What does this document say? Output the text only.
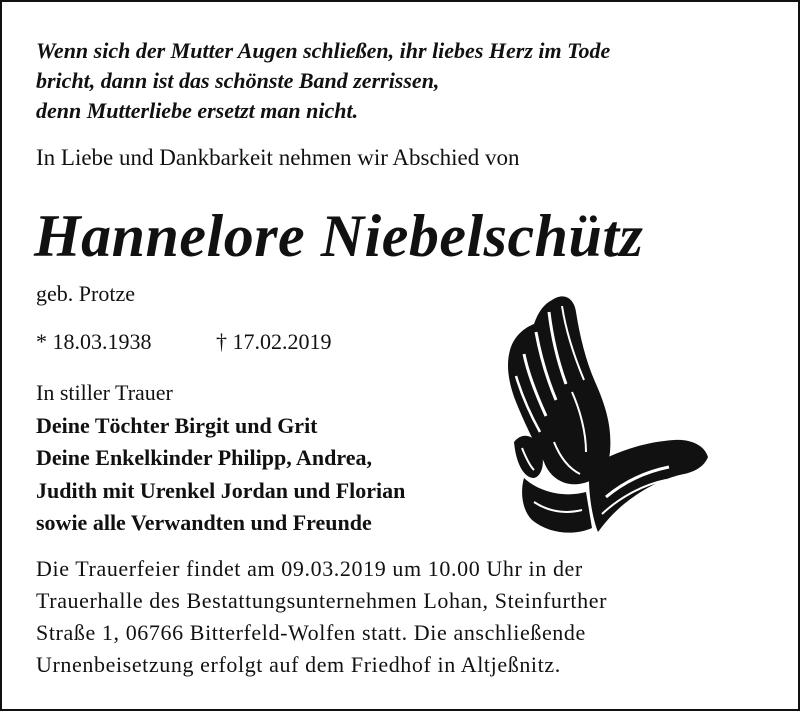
Wenn sich der Mutter Augen schließen, ihr liebes Herz im Tode
bricht, dann ist das schönste Band zerrissen,
denn Mutterliebe ersetzt man nicht.
In Liebe und Dankbarkeit nehmen wir Abschied von
Hannelore Niebelschütz
geb. Protze
* 18.03.1938	† 17.02.2019
In stiller Trauer
Deine Töchter Birgit und Grit
Deine Enkelkinder Philipp, Andrea,
Judith mit Urenkel Jordan und Florian
sowie alle Verwandten und Freunde
Die Trauerfeier findet am 09.03.2019 um 10.00 Uhr in der
Trauerhalle des Bestattungsunternehmen Lohan, Steinfurther
Straße 1, 06766 Bitterfeld-Wolfen statt. Die anschließende
Urnenbeisetzung erfolgt auf dem Friedhof in Altjeßnitz.
